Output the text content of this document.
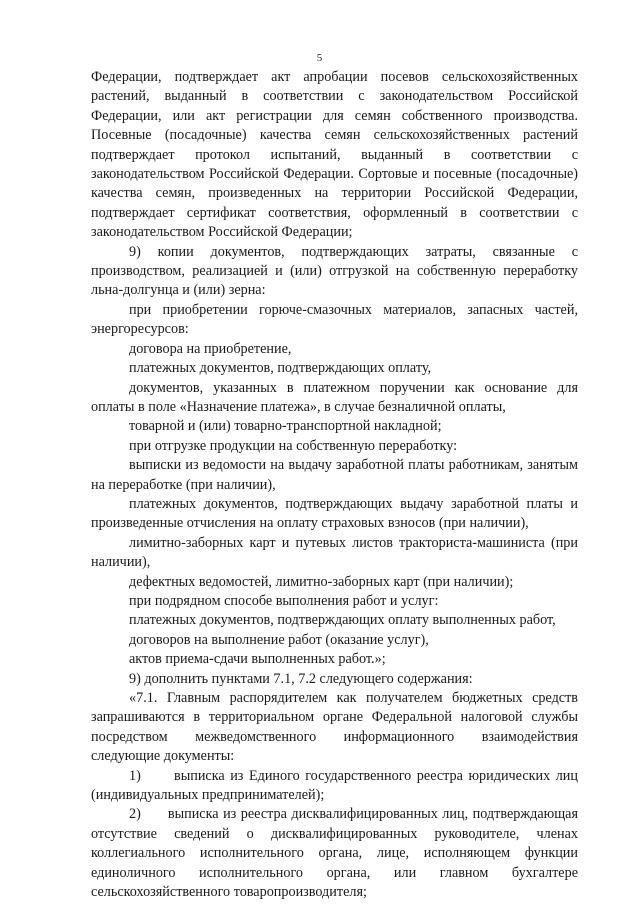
5

Федерации, подтверждает акт апробации посевов сельскохозяйственных растений, выданный в соответствии с законодательством Российской Федерации, или акт регистрации для семян собственного производства. Посевные (посадочные) качества семян сельскохозяйственных растений подтверждает протокол испытаний, выданный в соответствии с законодательством Российской Федерации. Сортовые и посевные (посадочные) качества семян, произведенных на территории Российской Федерации, подтверждает сертификат соответствия, оформленный в соответствии с законодательством Российской Федерации;

9) копии документов, подтверждающих затраты, связанные с производством, реализацией и (или) отгрузкой на собственную переработку льна-долгунца и (или) зерна:

при приобретении горюче-смазочных материалов, запасных частей, энергоресурсов:

договора на приобретение,

платежных документов, подтверждающих оплату,

документов, указанных в платежном поручении как основание для оплаты в поле «Назначение платежа», в случае безналичной оплаты,

товарной и (или) товарно-транспортной накладной;

при отгрузке продукции на собственную переработку:

выписки из ведомости на выдачу заработной платы работникам, занятым на переработке (при наличии),

платежных документов, подтверждающих выдачу заработной платы и произведенные отчисления на оплату страховых взносов (при наличии),

лимитно-заборных карт и путевых листов тракториста-машиниста (при наличии),

дефектных ведомостей, лимитно-заборных карт (при наличии);

при подрядном способе выполнения работ и услуг:

платежных документов, подтверждающих оплату выполненных работ,

договоров на выполнение работ (оказание услуг),

актов приема-сдачи выполненных работ.»;

9) дополнить пунктами 7.1, 7.2 следующего содержания:

«7.1. Главным распорядителем как получателем бюджетных средств запрашиваются в территориальном органе Федеральной налоговой службы посредством межведомственного информационного взаимодействия следующие документы:

1)      выписка из Единого государственного реестра юридических лиц (индивидуальных предпринимателей);

2)      выписка из реестра дисквалифицированных лиц, подтверждающая отсутствие сведений о дисквалифицированных руководителе, членах коллегиального исполнительного органа, лице, исполняющем функции единоличного исполнительного органа, или главном бухгалтере сельскохозяйственного товаропроизводителя;
